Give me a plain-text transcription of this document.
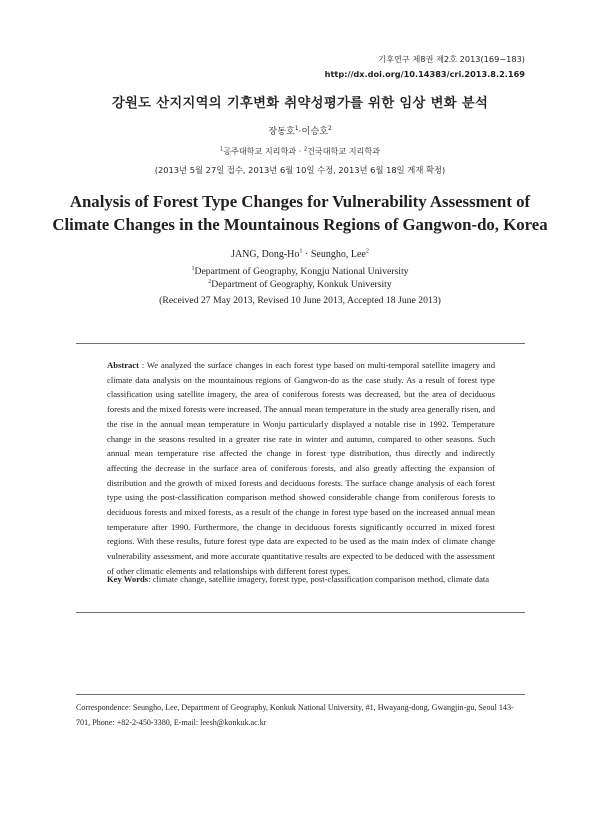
기후연구 제8권 제2호 2013(169~183)
http://dx.doi.org/10.14383/cri.2013.8.2.169
강원도 산지지역의 기후변화 취약성평가를 위한 임상 변화 분석
장동호$^1$·이승호$^2$
$^1$공주대학교 지리학과 · $^2$건국대학교 지리학과
(2013년 5월 27일 접수, 2013년 6월 10일 수정, 2013년 6월 18일 게재 확정)
Analysis of Forest Type Changes for Vulnerability Assessment of
Climate Changes in the Mountainous Regions of Gangwon-do, Korea
JANG, Dong-$Ho^1$ · Seungho, Lee$^2$
$^1$Department of Geography, Kongju National University
$^2$Department of Geography, Konkuk University
(Received 27 May 2013, Revised 10 June 2013, Accepted 18 June 2013)
Abstract : We analyzed the surface changes in each forest type based on multi-temporal satellite imagery and climate data analysis on the mountainous regions of Gangwon-do as the case study. As a result of forest type classification using satellite imagery, the area of coniferous forests was decreased, but the area of deciduous forests and the mixed forests were increased. The annual mean temperature in the study area generally risen, and the rise in the annual mean temperature in Wonju particularly displayed a notable rise in 1992. Temperature change in the seasons resulted in a greater rise rate in winter and autumn, compared to other seasons. Such annual mean temperature rise affected the change in forest type distribution, thus directly and indirectly affecting the decrease in the surface area of coniferous forests, and also greatly affecting the expansion of distribution and the growth of mixed forests and deciduous forests. The surface change analysis of each forest type using the post-classification comparison method showed considerable change from coniferous forests to deciduous forests and mixed forests, as a result of the change in forest type based on the increased annual mean temperature after 1990. Furthermore, the change in deciduous forests significantly occurred in mixed forest regions. With these results, future forest type data are expected to be used as the main index of climate change vulnerability assessment, and more accurate quantitative results are expected to be deduced with the assessment of other climatic elements and relationships with different forest types.
Key Words : climate change, satellite imagery, forest type, post-classification comparison method, climate data
Correspondence: Seungho, Lee, Department of Geography, Konkuk National University, #1, Hwayang-dong, Gwangjin-gu, Seoul 143-701, Phone: +82-2-450-3380, E-mail: leesh@konkuk.ac.kr
